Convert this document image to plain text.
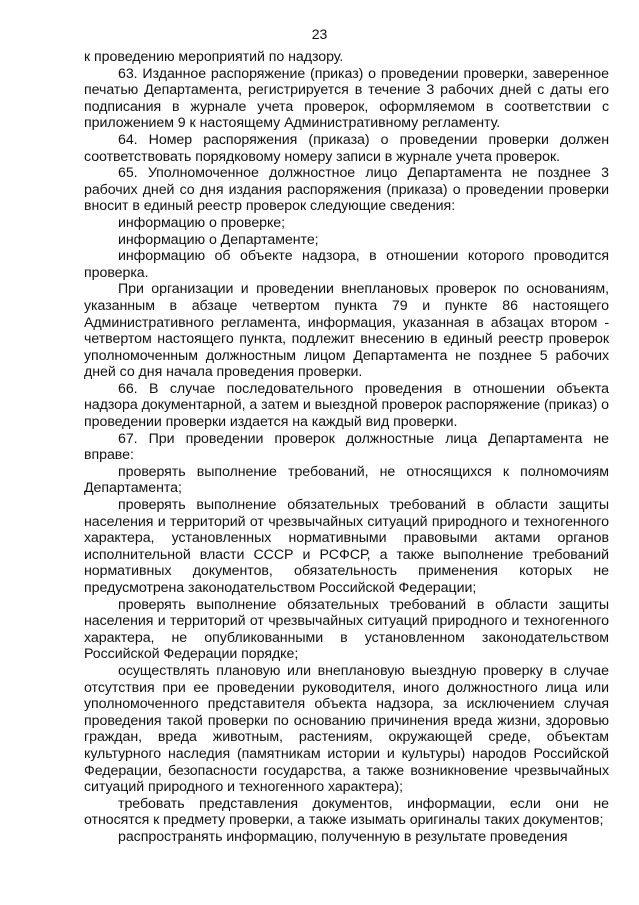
23

к проведению мероприятий по надзору.

63. Изданное распоряжение (приказ) о проведении проверки, заверенное печатью Департамента, регистрируется в течение 3 рабочих дней с даты его подписания в журнале учета проверок, оформляемом в соответствии с приложением 9 к настоящему Административному регламенту.

64. Номер распоряжения (приказа) о проведении проверки должен соответствовать порядковому номеру записи в журнале учета проверок.

65. Уполномоченное должностное лицо Департамента не позднее 3 рабочих дней со дня издания распоряжения (приказа) о проведении проверки вносит в единый реестр проверок следующие сведения:

информацию о проверке;

информацию о Департаменте;

информацию об объекте надзора, в отношении которого проводится проверка.

При организации и проведении внеплановых проверок по основаниям, указанным в абзаце четвертом пункта 79 и пункте 86 настоящего Административного регламента, информация, указанная в абзацах втором - четвертом настоящего пункта, подлежит внесению в единый реестр проверок уполномоченным должностным лицом Департамента не позднее 5 рабочих дней со дня начала проведения проверки.

66. В случае последовательного проведения в отношении объекта надзора документарной, а затем и выездной проверок распоряжение (приказ) о проведении проверки издается на каждый вид проверки.

67. При проведении проверок должностные лица Департамента не вправе:

проверять выполнение требований, не относящихся к полномочиям Департамента;

проверять выполнение обязательных требований в области защиты населения и территорий от чрезвычайных ситуаций природного и техногенного характера, установленных нормативными правовыми актами органов исполнительной власти СССР и РСФСР, а также выполнение требований нормативных документов, обязательность применения которых не предусмотрена законодательством Российской Федерации;

проверять выполнение обязательных требований в области защиты населения и территорий от чрезвычайных ситуаций природного и техногенного характера, не опубликованными в установленном законодательством Российской Федерации порядке;

осуществлять плановую или внеплановую выездную проверку в случае отсутствия при ее проведении руководителя, иного должностного лица или уполномоченного представителя объекта надзора, за исключением случая проведения такой проверки по основанию причинения вреда жизни, здоровью граждан, вреда животным, растениям, окружающей среде, объектам культурного наследия (памятникам истории и культуры) народов Российской Федерации, безопасности государства, а также возникновение чрезвычайных ситуаций природного и техногенного характера);

требовать представления документов, информации, если они не относятся к предмету проверки, а также изымать оригиналы таких документов;

распространять информацию, полученную в результате проведения
